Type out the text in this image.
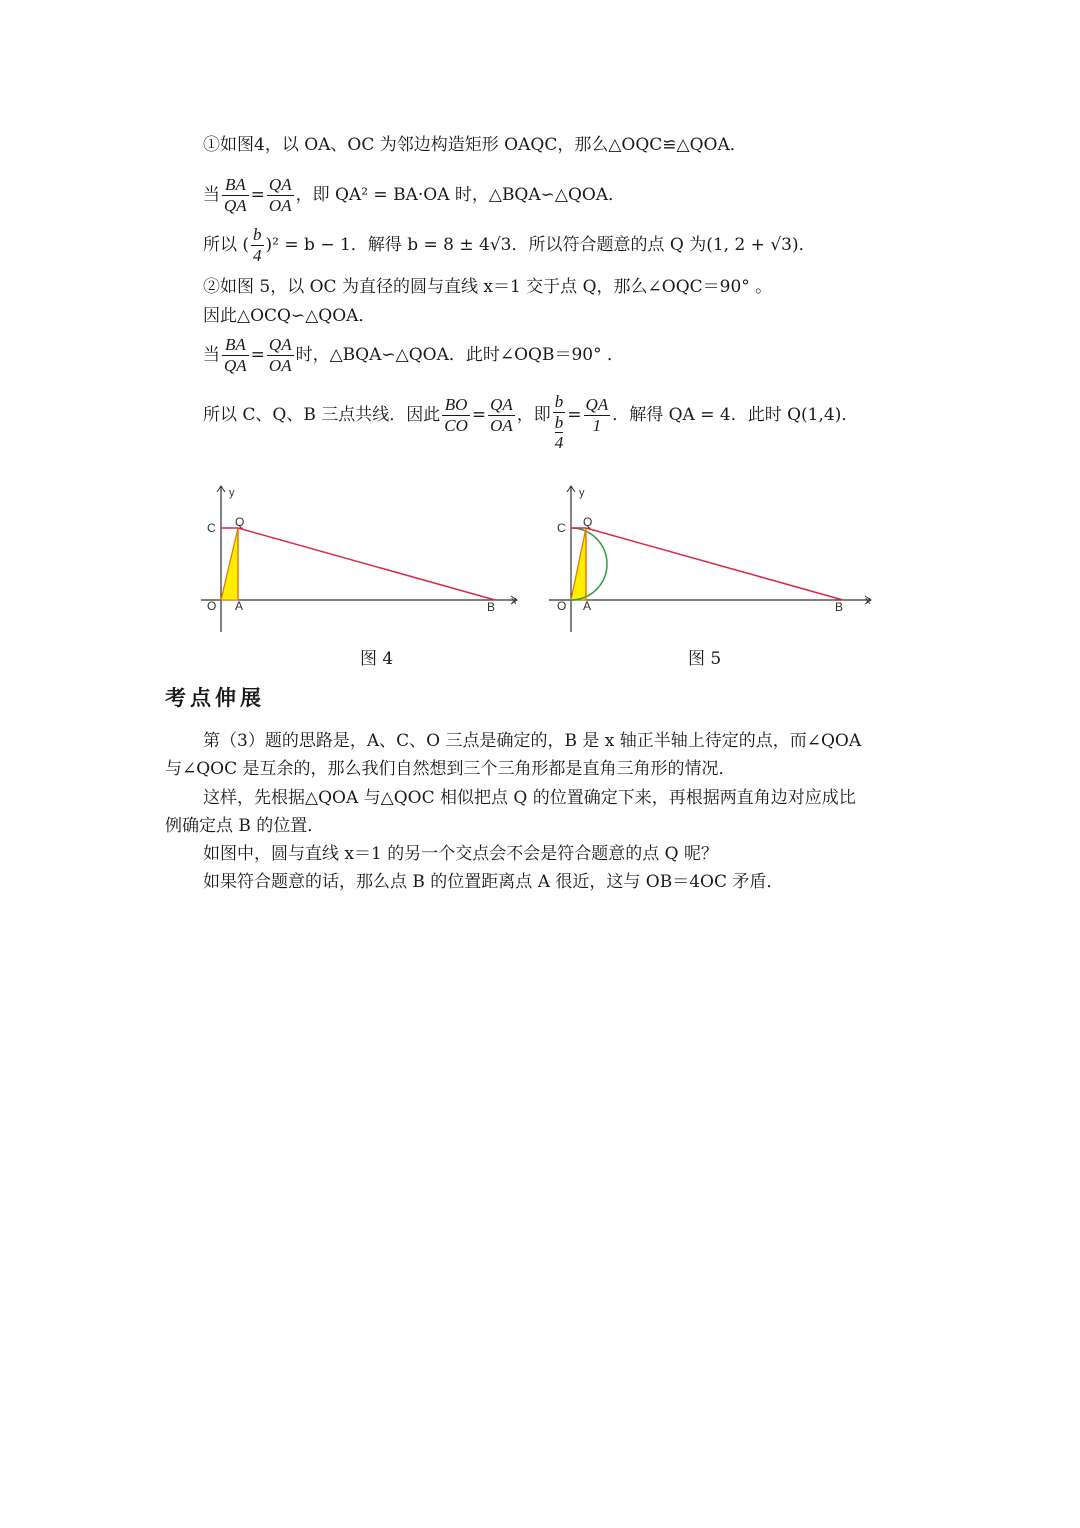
①如图4，以 OA、OC 为邻边构造矩形 OAQC，那么△OQC≌△QOA．
当 $\frac{BA}{QA} = \frac{QA}{OA}$ ，即 QA² = BA·OA 时，△BQA∽△QOA．
所以 ( $\frac{b}{4} )^2 = b - 1$．解得 b = 8 ± 4√3．所以符合题意的点 Q 为(1, 2 + √3)．
②如图 5，以 OC 为直径的圆与直线 x＝1 交于点 Q，那么∠OQC＝90° 。
因此△OCQ∽△QOA．
当 $\frac{BA}{QA} = \frac{QA}{OA}$ 时，△BQA∽△QOA．此时∠OQB＝90° ．
所以 C、Q、B 三点共线．因此 $\frac{BO}{CO} = \frac{QA}{OA}$ ，即 $\frac{b}{\frac{b}{4}} = \frac{QA}{1}$ ．解得 QA = 4．此时 Q(1,4)．
y
x
C Q
O A	B
图 4
y
x
C Q
O A	B
图 5
考点伸展
第（3）题的思路是，A、C、O 三点是确定的，B 是 x 轴正半轴上待定的点，而∠QOA
与∠QOC 是互余的，那么我们自然想到三个三角形都是直角三角形的情况．
这样，先根据△QOA 与△QOC 相似把点 Q 的位置确定下来，再根据两直角边对应成比
例确定点 B 的位置．
如图中，圆与直线 x＝1 的另一个交点会不会是符合题意的点 Q 呢？
如果符合题意的话，那么点 B 的位置距离点 A 很近，这与 OB＝4OC 矛盾．
